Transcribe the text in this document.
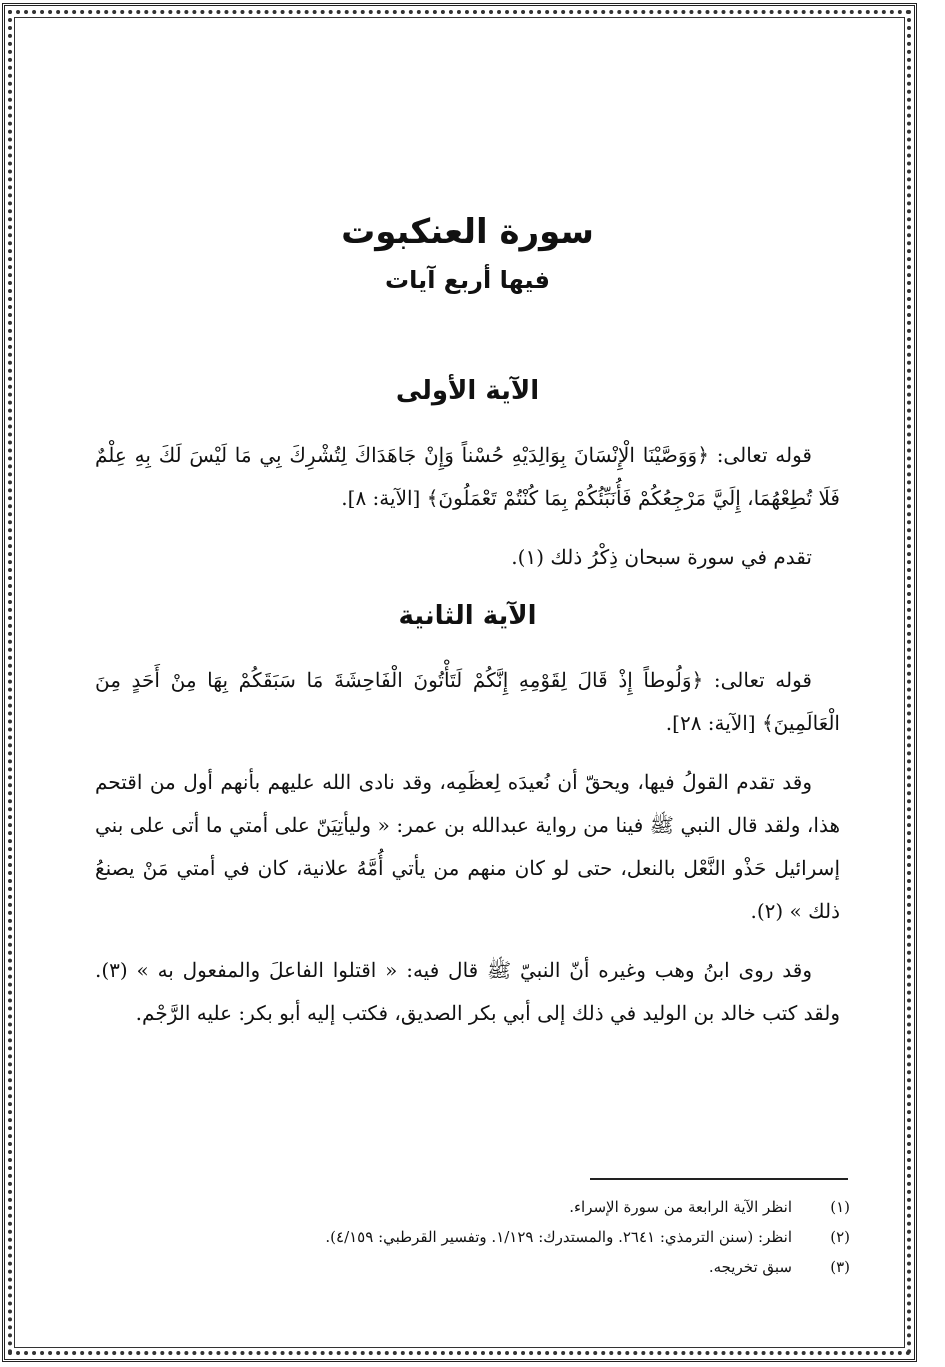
سورة العنكبوت
فيها أربع آيات
الآية الأولى

قوله تعالى: ﴿وَوَصَّيْنَا الْإِنْسَانَ بِوَالِدَيْهِ حُسْناً وَإِنْ جَاهَدَاكَ لِتُشْرِكَ بِي مَا لَيْسَ لَكَ بِهِ عِلْمٌ فَلَا تُطِعْهُمَا، إِلَيَّ مَرْجِعُكُمْ فَأُنَبِّئُكُمْ بِمَا كُنْتُمْ تَعْمَلُونَ﴾ [الآية: ٨].

تقدم في سورة سبحان ذِكْرُ ذلك (١).

الآية الثانية

قوله تعالى: ﴿وَلُوطاً إِذْ قَالَ لِقَوْمِهِ إِنَّكُمْ لَتَأْتُونَ الْفَاحِشَةَ مَا سَبَقَكُمْ بِهَا مِنْ أَحَدٍ مِنَ الْعَالَمِينَ﴾ [الآية: ٢٨].

وقد تقدم القولُ فيها، ويحقّ أن نُعيدَه لِعظَمِه، وقد نادى الله عليهم بأنهم أول من اقتحم هذا، ولقد قال النبي ﷺ فينا من رواية عبدالله بن عمر: « وليأتِيَنّ على أمتي ما أتى على بني إسرائيل حَذْو النَّعْل بالنعل، حتى لو كان منهم من يأتي أُمَّهُ علانية، كان في أمتي مَنْ يصنعُ ذلك » (٢).

وقد روى ابنُ وهب وغيره أنّ النبيّ ﷺ قال فيه: « اقتلوا الفاعلَ والمفعول به » (٣). ولقد كتب خالد بن الوليد في ذلك إلى أبي بكر الصديق، فكتب إليه أبو بكر: عليه الرَّجْم.

(١)
انظر الآية الرابعة من سورة الإسراء.
(٢)
انظر: (سنن الترمذي: ٢٦٤١. والمستدرك: ١/١٢٩. وتفسير القرطبي: ٤/١٥٩).
(٣)
سبق تخريجه.
